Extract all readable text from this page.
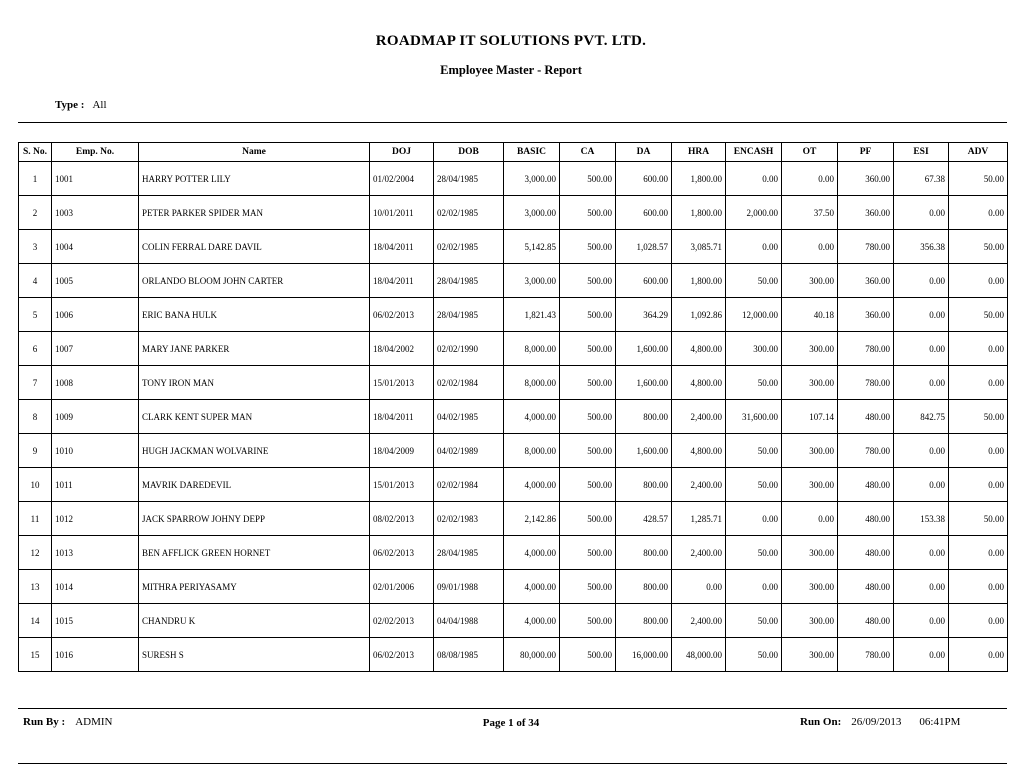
ROADMAP IT SOLUTIONS PVT. LTD.
Employee Master - Report
Type : All
S. No.	Emp. No.	Name	DOJ	DOB	BASIC	CA	DA	HRA	ENCASH	OT	PF	ESI	ADV
1	1001	HARRY POTTER LILY	01/02/2004	28/04/1985	3,000.00	500.00	600.00	1,800.00	0.00	0.00	360.00	67.38	50.00
2	1003	PETER PARKER SPIDER MAN	10/01/2011	02/02/1985	3,000.00	500.00	600.00	1,800.00	2,000.00	37.50	360.00	0.00	0.00
3	1004	COLIN FERRAL DARE DAVIL	18/04/2011	02/02/1985	5,142.85	500.00	1,028.57	3,085.71	0.00	0.00	780.00	356.38	50.00
4	1005	ORLANDO BLOOM JOHN CARTER	18/04/2011	28/04/1985	3,000.00	500.00	600.00	1,800.00	50.00	300.00	360.00	0.00	0.00
5	1006	ERIC BANA HULK	06/02/2013	28/04/1985	1,821.43	500.00	364.29	1,092.86	12,000.00	40.18	360.00	0.00	50.00
6	1007	MARY JANE PARKER	18/04/2002	02/02/1990	8,000.00	500.00	1,600.00	4,800.00	300.00	300.00	780.00	0.00	0.00
7	1008	TONY IRON MAN	15/01/2013	02/02/1984	8,000.00	500.00	1,600.00	4,800.00	50.00	300.00	780.00	0.00	0.00
8	1009	CLARK KENT SUPER MAN	18/04/2011	04/02/1985	4,000.00	500.00	800.00	2,400.00	31,600.00	107.14	480.00	842.75	50.00
9	1010	HUGH JACKMAN WOLVARINE	18/04/2009	04/02/1989	8,000.00	500.00	1,600.00	4,800.00	50.00	300.00	780.00	0.00	0.00
10	1011	MAVRIK DAREDEVIL	15/01/2013	02/02/1984	4,000.00	500.00	800.00	2,400.00	50.00	300.00	480.00	0.00	0.00
11	1012	JACK SPARROW JOHNY DEPP	08/02/2013	02/02/1983	2,142.86	500.00	428.57	1,285.71	0.00	0.00	480.00	153.38	50.00
12	1013	BEN AFFLICK GREEN HORNET	06/02/2013	28/04/1985	4,000.00	500.00	800.00	2,400.00	50.00	300.00	480.00	0.00	0.00
13	1014	MITHRA PERIYASAMY	02/01/2006	09/01/1988	4,000.00	500.00	800.00	0.00	0.00	300.00	480.00	0.00	0.00
14	1015	CHANDRU K	02/02/2013	04/04/1988	4,000.00	500.00	800.00	2,400.00	50.00	300.00	480.00	0.00	0.00
15	1016	SURESH S	06/02/2013	08/08/1985	80,000.00	500.00	16,000.00	48,000.00	50.00	300.00	780.00	0.00	0.00
Run By : ADMIN	Page 1 of 34	Run On: 26/09/2013 06:41PM
